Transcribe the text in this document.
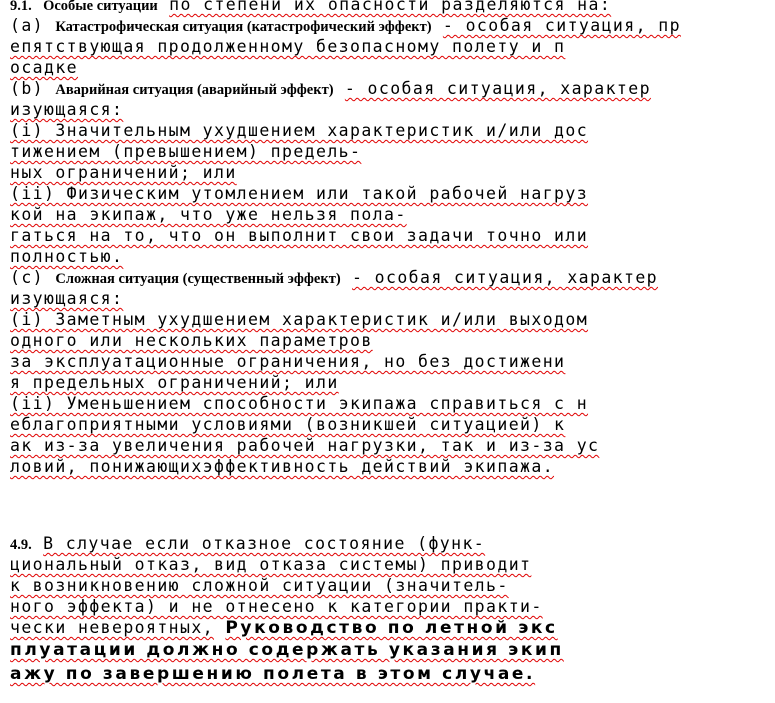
9.1. Особые ситуации по степени их опасности разделяются на:
(a) Катастрофическая ситуация (катастрофический эффект) - особая ситуация, пр
епятствующая продолженному безопасному полету и п
осадке
(b) Аварийная ситуация (аварийный эффект) - особая ситуация, характер
изующаяся:
(i) Значительным ухудшением характеристик и/или дос
тижением (превышением) предель-
ных ограничений; или
(ii) Физическим утомлением или такой рабочей нагруз
кой на экипаж, что уже нельзя пола-
гаться на то, что он выполнит свои задачи точно или
полностью.
(c) Сложная ситуация (существенный эффект) - особая ситуация, характер
изующаяся:
(i) Заметным ухудшением характеристик и/или выходом
одного или нескольких параметров
за эксплуатационные ограничения, но без достижени
я предельных ограничений; или
(ii) Уменьшением способности экипажа справиться с н
еблагоприятными условиями (возникшей ситуацией) к
ак из-за увеличения рабочей нагрузки, так и из-за ус
ловий, понижающихэффективность действий экипажа.
4.9. В случае если отказное состояние (функ-
циональный отказ, вид отказа системы) приводит
к возникновению сложной ситуации (значитель-
ного эффекта) и не отнесено к категории практи-
чески невероятных, Руководство по летной экс
плуатации должно содержать указания экип
ажу по завершению полета в этом случае.
